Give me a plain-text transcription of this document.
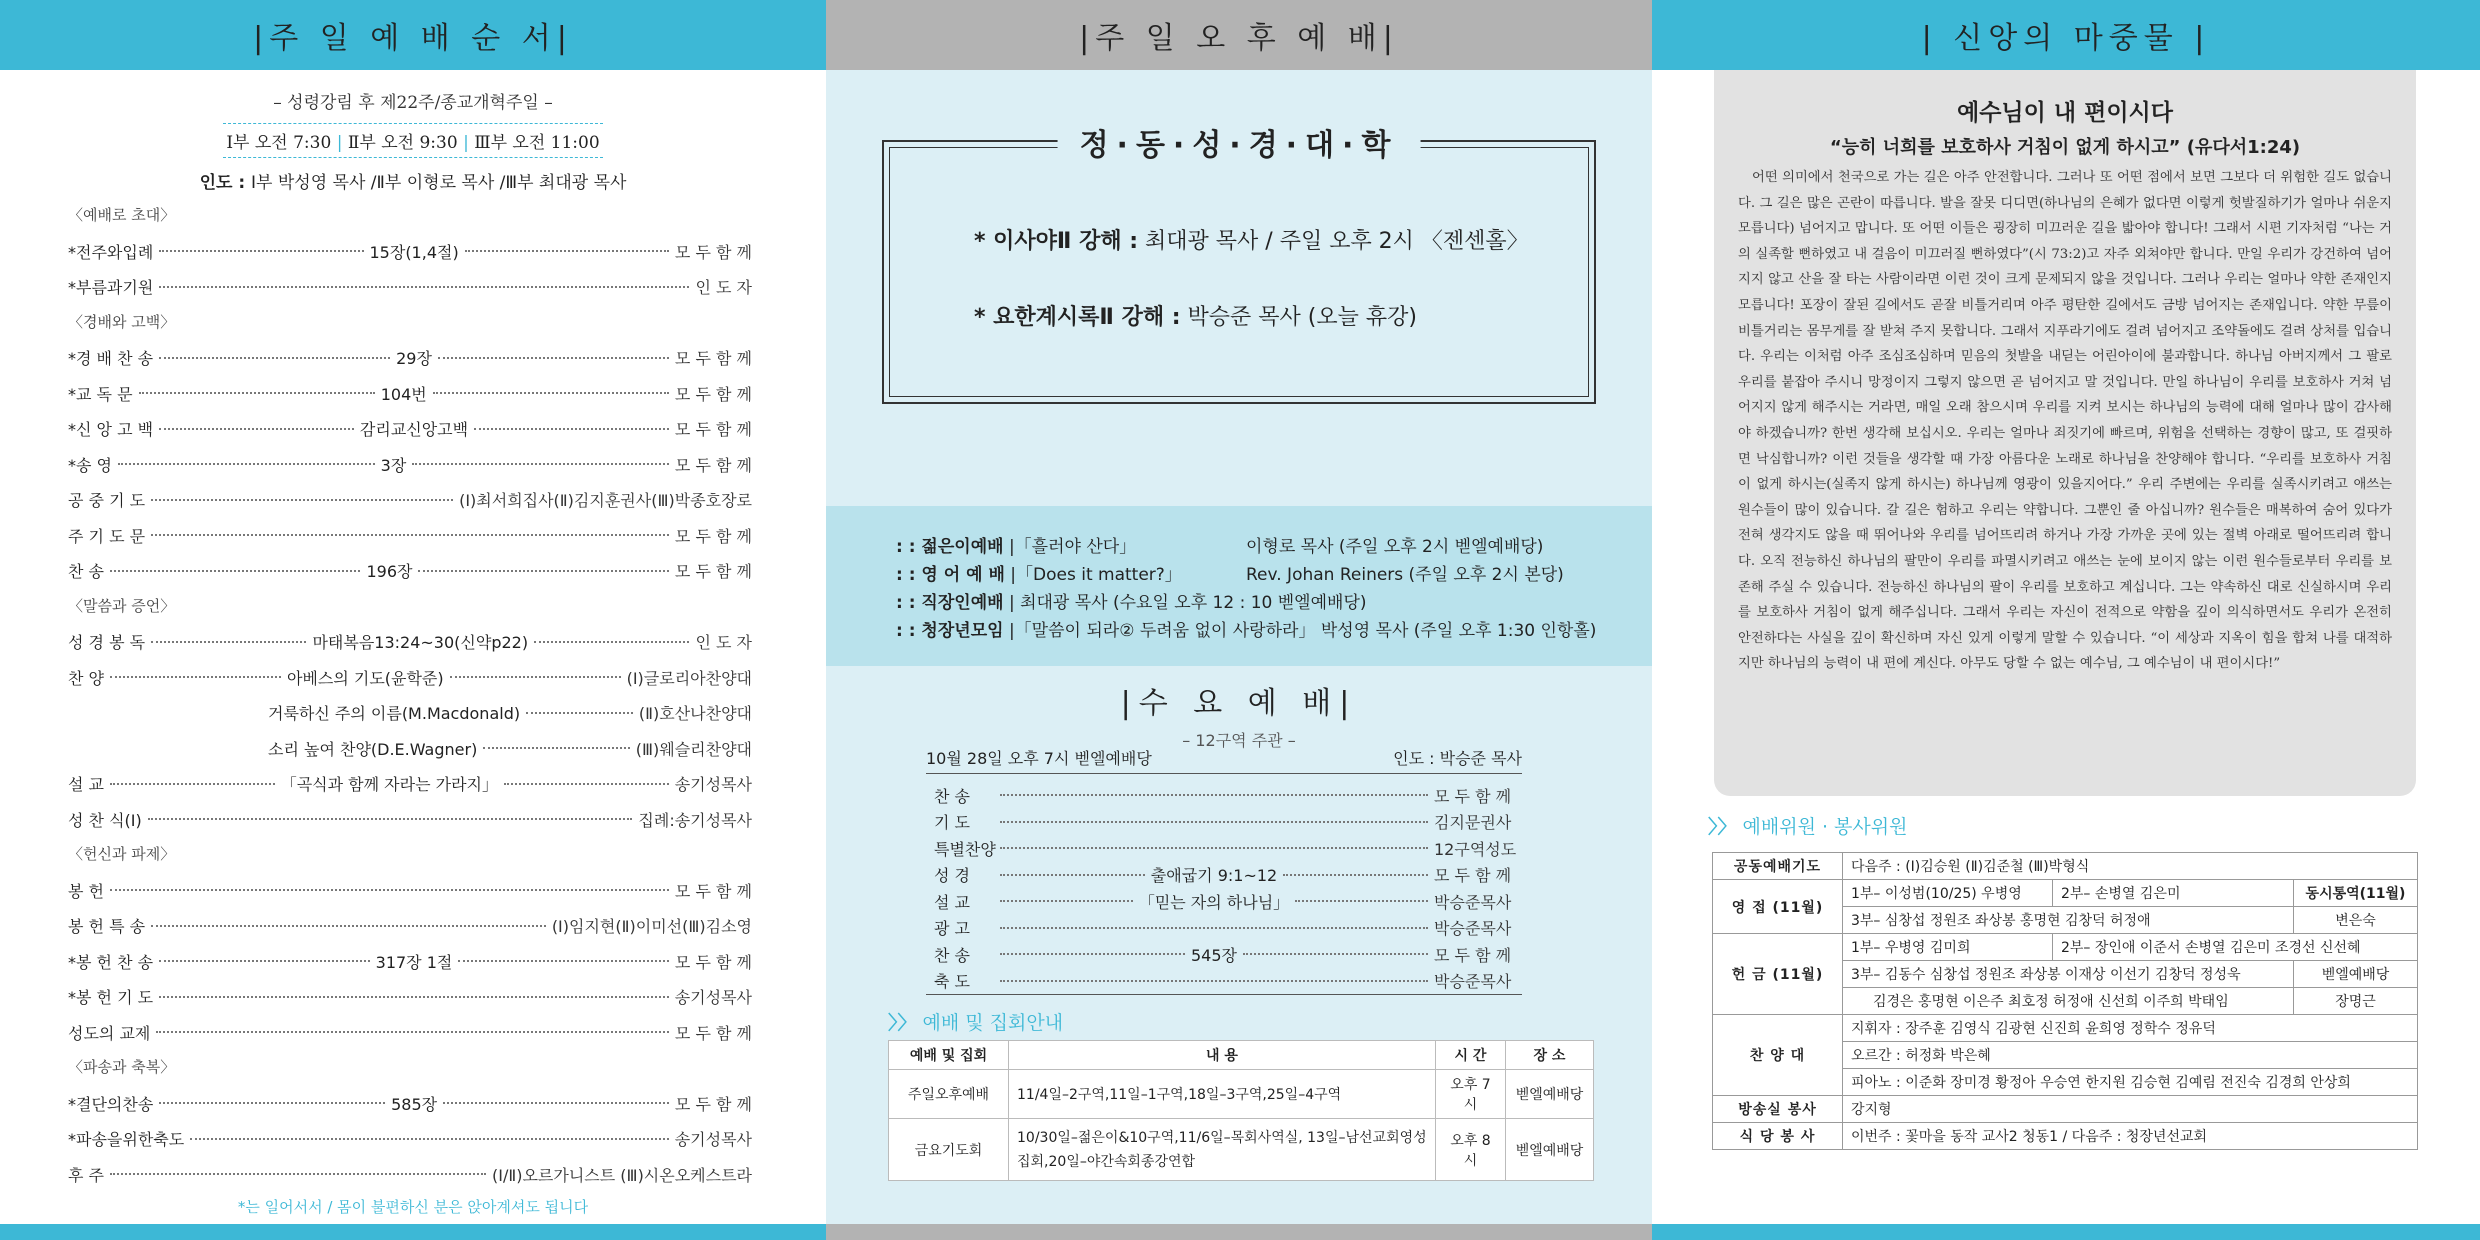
|주 일 예 배 순 서|
– 성령강림 후 제22주/종교개혁주일 –
Ⅰ부 오전 7:30 | Ⅱ부 오전 9:30 | Ⅲ부 오전 11:00
인도 : Ⅰ부 박성영 목사 /Ⅱ부 이형로 목사 /Ⅲ부 최대광 목사
〈예배로 초대〉
*전주와입례	15장(1,4절)	모 두 함 께
*부름과기원	인 도 자
〈경배와 고백〉
*경 배 찬 송	29장	모 두 함 께
*교 독 문	104번	모 두 함 께
*신 앙 고 백	감리교신앙고백	모 두 함 께
*송 영	3장	모 두 함 께
공 중 기 도	(Ⅰ)최서희집사(Ⅱ)김지훈권사(Ⅲ)박종호장로
주 기 도 문	모 두 함 께
찬 송	196장	모 두 함 께
〈말씀과 증언〉
성 경 봉 독	마태복음13:24~30(신약p22)	인 도 자
찬 양	아베스의 기도(윤학준)	(Ⅰ)글로리아찬양대
거룩하신 주의 이름(M.Macdonald)	(Ⅱ)호산나찬양대
소리 높여 찬양(D.E.Wagner)	(Ⅲ)웨슬리찬양대
설 교	「곡식과 함께 자라는 가라지」	송기성목사
성 찬 식(Ⅰ)	집례:송기성목사
〈헌신과 파제〉
봉 헌	모 두 함 께
봉 헌 특 송	(Ⅰ)임지현(Ⅱ)이미선(Ⅲ)김소영
*봉 헌 찬 송	317장 1절	모 두 함 께
*봉 헌 기 도	송기성목사
성도의 교제	모 두 함 께
〈파송과 축복〉
*결단의찬송	585장	모 두 함 께
*파송을위한축도	송기성목사
후 주	(Ⅰ/Ⅱ)오르가니스트 (Ⅲ)시온오케스트라
*는 일어서서 / 몸이 불편하신 분은 앉아계셔도 됩니다
|주 일 오 후 예 배|
정·동·성·경·대·학
* 이사야Ⅱ 강해 : 최대광 목사 / 주일 오후 2시 〈젠센홀〉
* 요한계시록Ⅱ 강해 : 박승준 목사 (오늘 휴강)
: : 젊은이예배 |「흘러야 산다」	이형로 목사 (주일 오후 2시 벧엘예배당)
: : 영 어 예 배 |「Does it matter?」	Rev. Johan Reiners (주일 오후 2시 본당)
: : 직장인예배 | 최대광 목사 (수요일 오후 12 : 10 벧엘예배당)
: : 청장년모임 |「말씀이 되라② 두려움 없이 사랑하라」 박성영 목사 (주일 오후 1:30 인항홀)
|수 요 예 배|
– 12구역 주관 –
10월 28일 오후 7시 벧엘예배당	인도 : 박승준 목사
찬 송	모 두 함 께
기 도	김지문권사
특별찬양	12구역성도
성 경	출애굽기 9:1~12	모 두 함 께
설 교	「믿는 자의 하나님」	박승준목사
광 고	박승준목사
찬 송	545장	모 두 함 께
축 도	박승준목사
〉〉 예배 및 집회안내
예배 및 집회	내 용	시 간	장 소
주일오후예배	11/4일–2구역,11일–1구역,18일–3구역,25일–4구역	오후 7시	벧엘예배당
금요기도회	10/30일–젊은이&10구역,11/6일–목회사역실, 13일–남선교회영성집회,20일–야간속회종강연합	오후 8시	벧엘예배당
| 신앙의 마중물 |
예수님이 내 편이시다
“능히 너희를 보호하사 거침이 없게 하시고” (유다서1:24)
어떤 의미에서 천국으로 가는 길은 아주 안전합니다. 그러나 또 어떤 점에서 보면 그보다 더 위험한 길도 없습니다. 그 길은 많은 곤란이 따릅니다. 발을 잘못 디디면(하나님의 은혜가 없다면 이렇게 헛발질하기가 얼마나 쉬운지 모릅니다) 넘어지고 맙니다. 또 어떤 이들은 굉장히 미끄러운 길을 밟아야 합니다! 그래서 시편 기자처럼 “나는 거의 실족할 뻔하였고 내 걸음이 미끄러질 뻔하였다”(시 73:2)고 자주 외쳐야만 합니다. 만일 우리가 강건하여 넘어지지 않고 산을 잘 타는 사람이라면 이런 것이 크게 문제되지 않을 것입니다. 그러나 우리는 얼마나 약한 존재인지 모릅니다! 포장이 잘된 길에서도 곧잘 비틀거리며 아주 평탄한 길에서도 금방 넘어지는 존재입니다. 약한 무릎이 비틀거리는 몸무게를 잘 받쳐 주지 못합니다. 그래서 지푸라기에도 걸려 넘어지고 조약돌에도 걸려 상처를 입습니다. 우리는 이처럼 아주 조심조심하며 믿음의 첫발을 내딛는 어린아이에 불과합니다. 하나님 아버지께서 그 팔로 우리를 붙잡아 주시니 망정이지 그렇지 않으면 곧 넘어지고 말 것입니다. 만일 하나님이 우리를 보호하사 거쳐 넘어지지 않게 해주시는 거라면, 매일 오래 참으시며 우리를 지켜 보시는 하나님의 능력에 대해 얼마나 많이 감사해야 하겠습니까? 한번 생각해 보십시오. 우리는 얼마나 죄짓기에 빠르며, 위험을 선택하는 경향이 많고, 또 걸핏하면 낙심합니까? 이런 것들을 생각할 때 가장 아름다운 노래로 하나님을 찬양해야 합니다. “우리를 보호하사 거침이 없게 하시는(실족지 않게 하시는) 하나님께 영광이 있을지어다.” 우리 주변에는 우리를 실족시키려고 애쓰는 원수들이 많이 있습니다. 갈 길은 험하고 우리는 약합니다. 그뿐인 줄 아십니까? 원수들은 매복하여 숨어 있다가 전혀 생각지도 않을 때 뛰어나와 우리를 넘어뜨리려 하거나 가장 가까운 곳에 있는 절벽 아래로 떨어뜨리려 합니다. 오직 전능하신 하나님의 팔만이 우리를 파멸시키려고 애쓰는 눈에 보이지 않는 이런 원수들로부터 우리를 보존해 주실 수 있습니다. 전능하신 하나님의 팔이 우리를 보호하고 계십니다. 그는 약속하신 대로 신실하시며 우리를 보호하사 거침이 없게 해주십니다. 그래서 우리는 자신이 전적으로 약함을 깊이 의식하면서도 우리가 온전히 안전하다는 사실을 깊이 확신하며 자신 있게 이렇게 말할 수 있습니다. “이 세상과 지옥이 힘을 합쳐 나를 대적하지만 하나님의 능력이 내 편에 계신다. 아무도 당할 수 없는 예수님, 그 예수님이 내 편이시다!”
〉〉 예배위원 · 봉사위원
공동예배기도	다음주 : (Ⅰ)김승원 (Ⅱ)김준철 (Ⅲ)박형식		
영 접 (11월)	1부– 이성범(10/25) 우병영	2부– 손병열 김은미	동시통역(11월)
	3부– 심창섭 정원조 좌상봉 홍명현 김창덕 허정애		변은숙
헌 금 (11월)	1부– 우병영 김미희	2부– 장인애 이준서 손병열 김은미 조경선 신선혜	
	3부– 김동수 심창섭 정원조 좌상봉 이재상 이선기 김창덕 정성욱		벧엘예배당
	김경은 홍명현 이은주 최호정 허정애 신선희 이주희 박태임		장명근
찬 양 대	지휘자 : 장주훈 김영식 김광현 신진희 윤희영 정학수 정유덕		
	오르간 : 허정화 박은혜		
	피아노 : 이준화 장미경 황정아 우승연 한지원 김승현 김예림 전진숙 김경희 안상희		
방송실 봉사	강지형		
식 당 봉 사	이번주 : 꽃마을 동작 교사2 청동1 / 다음주 : 청장년선교회		
